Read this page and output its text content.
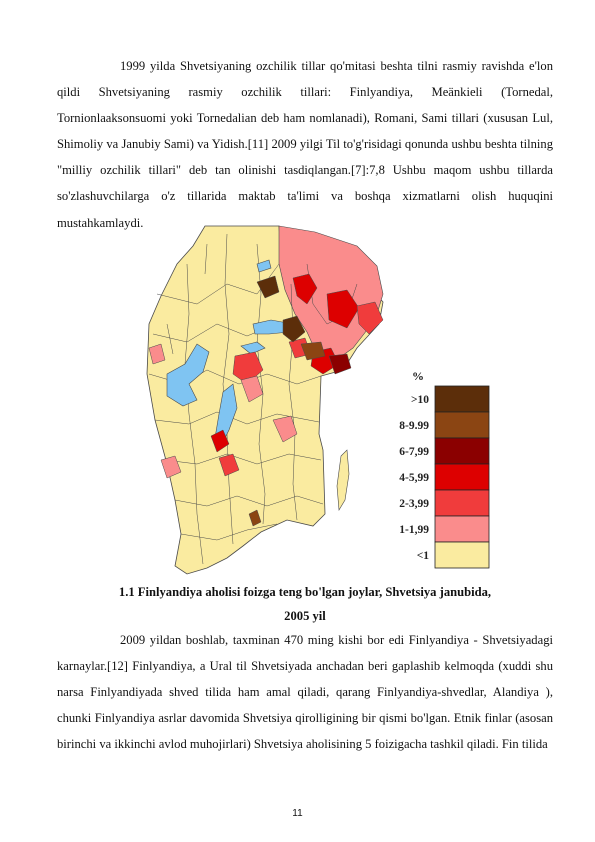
1999 yilda Shvetsiyaning ozchilik tillar qo'mitasi beshta tilni rasmiy ravishda e'lon qildi Shvetsiyaning rasmiy ozchilik tillari: Finlyandiya, Meänkieli (Tornedal, Tornionlaaksonsuomi yoki Tornedalian deb ham nomlanadi), Romani, Sami tillari (xususan Lul, Shimoliy va Janubiy Sami) va Yidish.[11] 2009 yilgi Til to'g'risidagi qonunda ushbu beshta tilning "milliy ozchilik tillari" deb tan olinishi tasdiqlangan.[7]:7,8 Ushbu maqom ushbu tillarda so'zlashuvchilarga o'z tillarida maktab ta'limi va boshqa xizmatlarni olish huquqini mustahkamlaydi.

%
>10
8-9.99
6-7,99
4-5,99
2-3,99
1-1,99
<1

1.1 Finlyandiya aholisi foizga teng bo'lgan joylar, Shvetsiya janubida,

2005 yil

2009 yildan boshlab, taxminan 470 ming kishi bor edi Finlyandiya - Shvetsiyadagi karnaylar.[12] Finlyandiya, a Ural til Shvetsiyada anchadan beri gaplashib kelmoqda (xuddi shu narsa Finlyandiyada shved tilida ham amal qiladi, qarang Finlyandiya-shvedlar, Alandiya ), chunki Finlyandiya asrlar davomida Shvetsiya qirolligining bir qismi bo'lgan. Etnik finlar (asosan birinchi va ikkinchi avlod muhojirlari) Shvetsiya aholisining 5 foizigacha tashkil qiladi. Fin tilida

11
